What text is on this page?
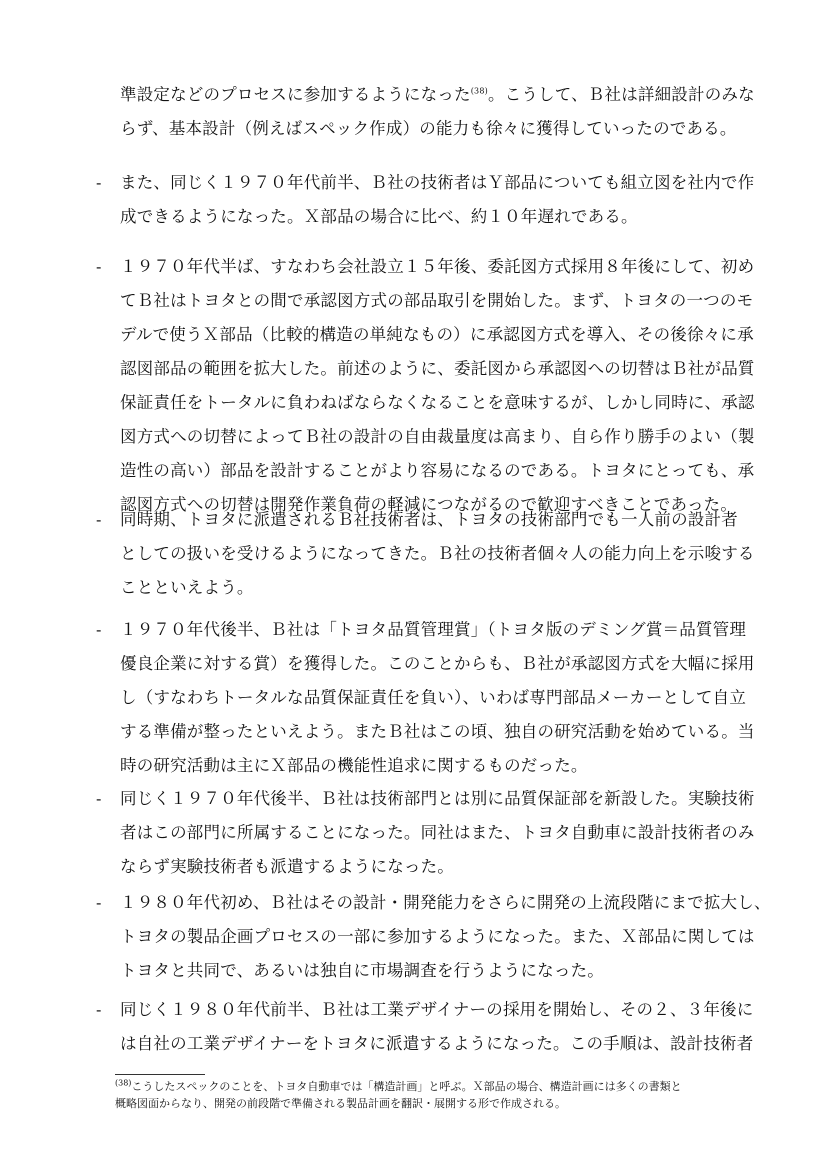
準設定などのプロセスに参加するようになった$^{(38)}$。こうして、Ｂ社は詳細設計のみな
らず、基本設計（例えばスペック作成）の能力も徐々に獲得していったのである。
- また、同じく１９７０年代前半、Ｂ社の技術者はＹ部品についても組立図を社内で作
成できるようになった。Ｘ部品の場合に比べ、約１０年遅れである。
- １９７０年代半ば、すなわち会社設立１５年後、委託図方式採用８年後にして、初め
てＢ社はトヨタとの間で承認図方式の部品取引を開始した。まず、トヨタの一つのモ
デルで使うＸ部品（比較的構造の単純なもの）に承認図方式を導入、その後徐々に承
認図部品の範囲を拡大した。前述のように、委託図から承認図への切替はＢ社が品質
保証責任をトータルに負わねばならなくなることを意味するが、しかし同時に、承認
図方式への切替によってＢ社の設計の自由裁量度は高まり、自ら作り勝手のよい（製
造性の高い）部品を設計することがより容易になるのである。トヨタにとっても、承
認図方式への切替は開発作業負荷の軽減につながるので歓迎すべきことであった。
- 同時期、トヨタに派遣されるＢ社技術者は、トヨタの技術部門でも一人前の設計者
としての扱いを受けるようになってきた。Ｂ社の技術者個々人の能力向上を示唆する
ことといえよう。
- １９７０年代後半、Ｂ社は「トヨタ品質管理賞」（トヨタ版のデミング賞＝品質管理
優良企業に対する賞）を獲得した。このことからも、Ｂ社が承認図方式を大幅に採用
し（すなわちトータルな品質保証責任を負い）、いわば専門部品メーカーとして自立
する準備が整ったといえよう。またＢ社はこの頃、独自の研究活動を始めている。当
時の研究活動は主にＸ部品の機能性追求に関するものだった。
- 同じく１９７０年代後半、Ｂ社は技術部門とは別に品質保証部を新設した。実験技術
者はこの部門に所属することになった。同社はまた、トヨタ自動車に設計技術者のみ
ならず実験技術者も派遣するようになった。
- １９８０年代初め、Ｂ社はその設計・開発能力をさらに開発の上流段階にまで拡大し、
トヨタの製品企画プロセスの一部に参加するようになった。また、Ｘ部品に関しては
トヨタと共同で、あるいは独自に市場調査を行うようになった。
- 同じく１９８０年代前半、Ｂ社は工業デザイナーの採用を開始し、その２、３年後に
は自社の工業デザイナーをトヨタに派遣するようになった。この手順は、設計技術者
$^{(38)}$こうしたスペックのことを、トヨタ自動車では「構造計画」と呼ぶ。Ｘ部品の場合、構造計画には多くの書類と
概略図面からなり、開発の前段階で準備される製品計画を翻訳・展開する形で作成される。
